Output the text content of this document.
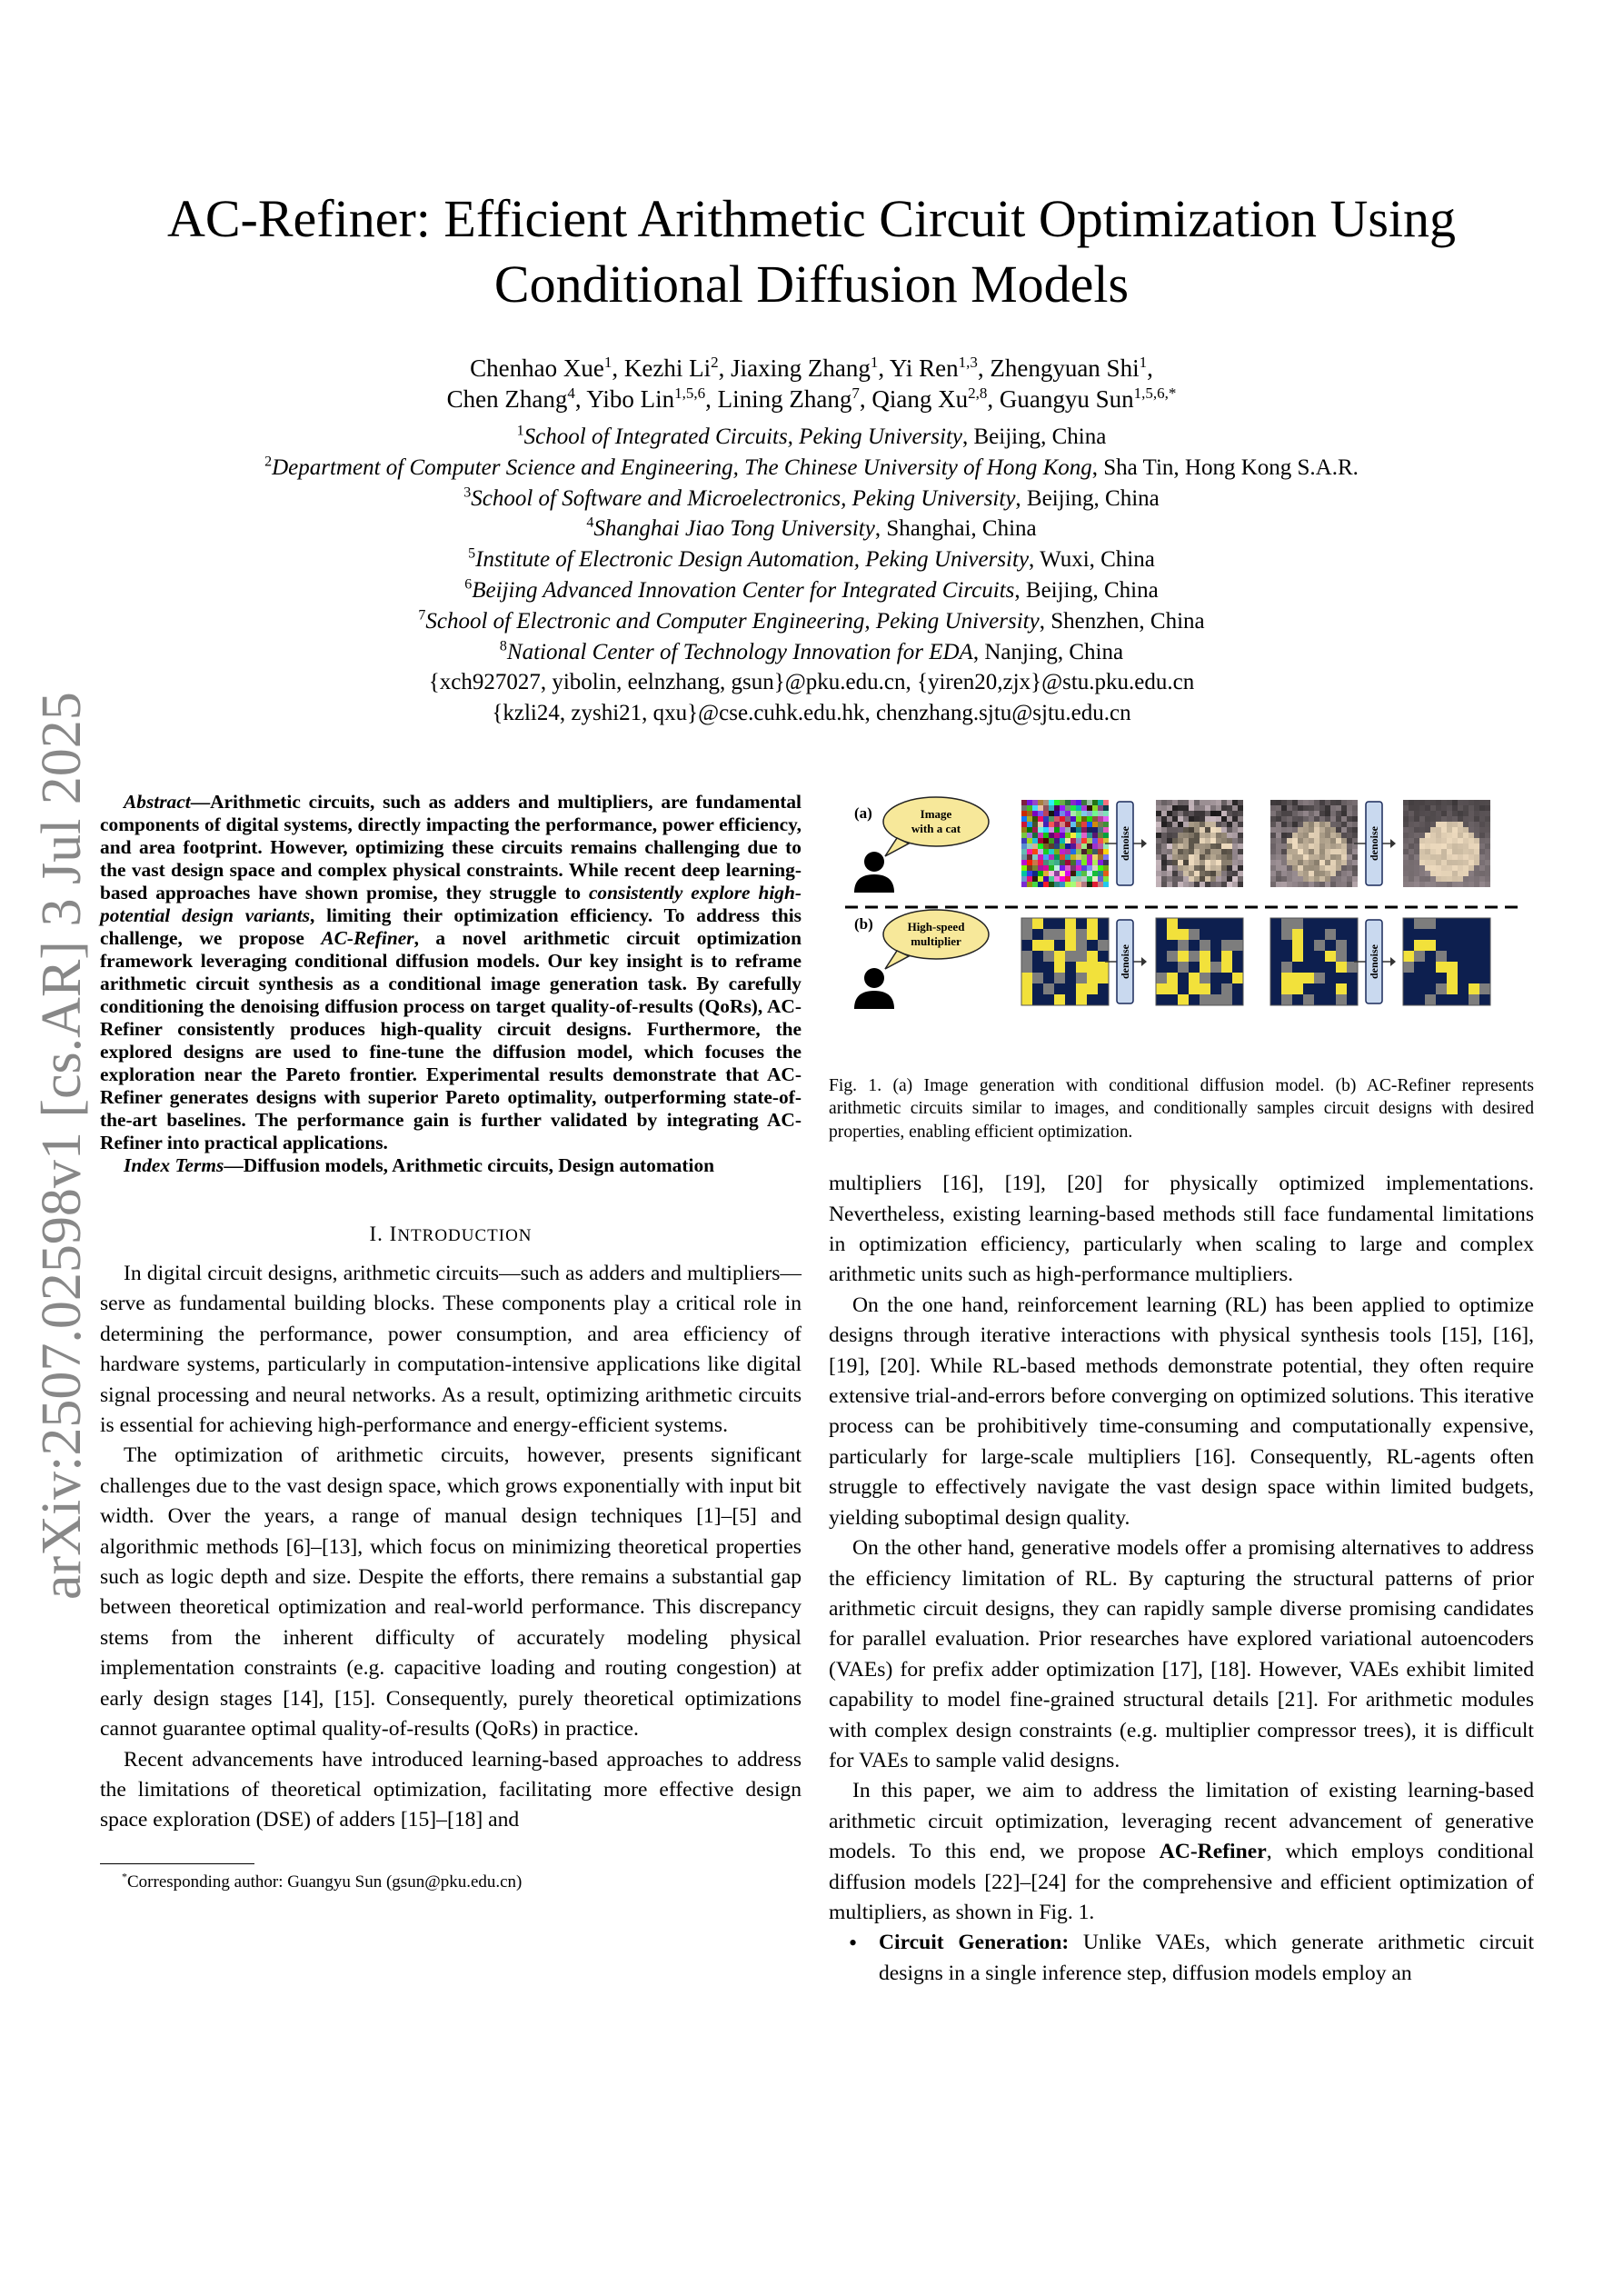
AC-Refiner: Efficient Arithmetic Circuit Optimization Using
Conditional Diffusion Models
Chenhao Xue$^1$, Kezhi Li$^2$, Jiaxing Zhang$^1$, Yi Ren$^{1,3}$, Zhengyuan Shi$^1$,
Chen Zhang$^4$, Yibo Lin$^{1,5,6}$, Lining Zhang$^7$, Qiang Xu$^{2,8}$, Guangyu Sun$^{1,5,6,*}$
$^1$School of Integrated Circuits, Peking University, Beijing, China
$^2$Department of Computer Science and Engineering, The Chinese University of Hong Kong, Sha Tin, Hong Kong S.A.R.
$^3$School of Software and Microelectronics, Peking University, Beijing, China
$^4$Shanghai Jiao Tong University, Shanghai, China
$^5$Institute of Electronic Design Automation, Peking University, Wuxi, China
$^6$Beijing Advanced Innovation Center for Integrated Circuits, Beijing, China
$^7$School of Electronic and Computer Engineering, Peking University, Shenzhen, China
$^8$National Center of Technology Innovation for EDA, Nanjing, China
{xch927027, yibolin, eelnzhang, gsun}@pku.edu.cn, {yiren20,zjx}@stu.pku.edu.cn
{kzli24, zyshi21, qxu}@cse.cuhk.edu.hk, chenzhang.sjtu@sjtu.edu.cn
arXiv:2507.02598v1 [cs.AR] 3 Jul 2025	Abstract—Arithmetic circuits, such as adders and multipliers, are fundamental components of digital systems, directly impacting the performance, power efficiency, and area footprint. However, optimizing these circuits remains challenging due to the vast design space and complex physical constraints. While recent deep learning-based approaches have shown promise, they struggle to consistently explore high-potential design variants, limiting their optimization efficiency. To address this challenge, we propose AC-Refiner, a novel arithmetic circuit optimization framework leveraging conditional diffusion models. Our key insight is to reframe arithmetic circuit synthesis as a conditional image generation task. By carefully conditioning the denoising diffusion process on target quality-of-results (QoRs), AC-Refiner consistently produces high-quality circuit designs. Furthermore, the explored designs are used to fine-tune the diffusion model, which focuses the exploration near the Pareto frontier. Experimental results demonstrate that AC-Refiner generates designs with superior Pareto optimality, outperforming state-of-the-art baselines. The performance gain is further validated by integrating AC-Refiner into practical applications.

Index Terms—Diffusion models, Arithmetic circuits, Design automation

I. INTRODUCTION

In digital circuit designs, arithmetic circuits—such as adders and multipliers—serve as fundamental building blocks. These components play a critical role in determining the performance, power consumption, and area efficiency of hardware systems, particularly in computation-intensive applications like digital signal processing and neural networks. As a result, optimizing arithmetic circuits is essential for achieving high-performance and energy-efficient systems.

The optimization of arithmetic circuits, however, presents significant challenges due to the vast design space, which grows exponentially with input bit width. Over the years, a range of manual design techniques [1]–[5] and algorithmic methods [6]–[13], which focus on minimizing theoretical properties such as logic depth and size. Despite the efforts, there remains a substantial gap between theoretical optimization and real-world performance. This discrepancy stems from the inherent difficulty of accurately modeling physical implementation constraints (e.g. capacitive loading and routing congestion) at early design stages [14], [15]. Consequently, purely theoretical optimizations cannot guarantee optimal quality-of-results (QoRs) in practice.

Recent advancements have introduced learning-based approaches to address the limitations of theoretical optimization, facilitating more effective design space exploration (DSE) of adders [15]–[18] and

*Corresponding author: Guangyu Sun (gsun@pku.edu.cn)
(a)	Image
with a cat	denoise	denoise
(b)	High-speed
multiplier
denoise	denoise

Fig. 1. (a) Image generation with conditional diffusion model. (b) AC-Refiner represents arithmetic circuits similar to images, and conditionally samples circuit designs with desired properties, enabling efficient optimization.

multipliers [16], [19], [20] for physically optimized implementations. Nevertheless, existing learning-based methods still face fundamental limitations in optimization efficiency, particularly when scaling to large and complex arithmetic units such as high-performance multipliers.

On the one hand, reinforcement learning (RL) has been applied to optimize designs through iterative interactions with physical synthesis tools [15], [16], [19], [20]. While RL-based methods demonstrate potential, they often require extensive trial-and-errors before converging on optimized solutions. This iterative process can be prohibitively time-consuming and computationally expensive, particularly for large-scale multipliers [16]. Consequently, RL-agents often struggle to effectively navigate the vast design space within limited budgets, yielding suboptimal design quality.

On the other hand, generative models offer a promising alternatives to address the efficiency limitation of RL. By capturing the structural patterns of prior arithmetic circuit designs, they can rapidly sample diverse promising candidates for parallel evaluation. Prior researches have explored variational autoencoders (VAEs) for prefix adder optimization [17], [18]. However, VAEs exhibit limited capability to model fine-grained structural details [21]. For arithmetic modules with complex design constraints (e.g. multiplier compressor trees), it is difficult for VAEs to sample valid designs.

In this paper, we aim to address the limitation of existing learning-based arithmetic circuit optimization, leveraging recent advancement of generative models. To this end, we propose AC-Refiner, which employs conditional diffusion models [22]–[24] for the comprehensive and efficient optimization of multipliers, as shown in Fig. 1.

• Circuit Generation: Unlike VAEs, which generate arithmetic circuit designs in a single inference step, diffusion models employ an
